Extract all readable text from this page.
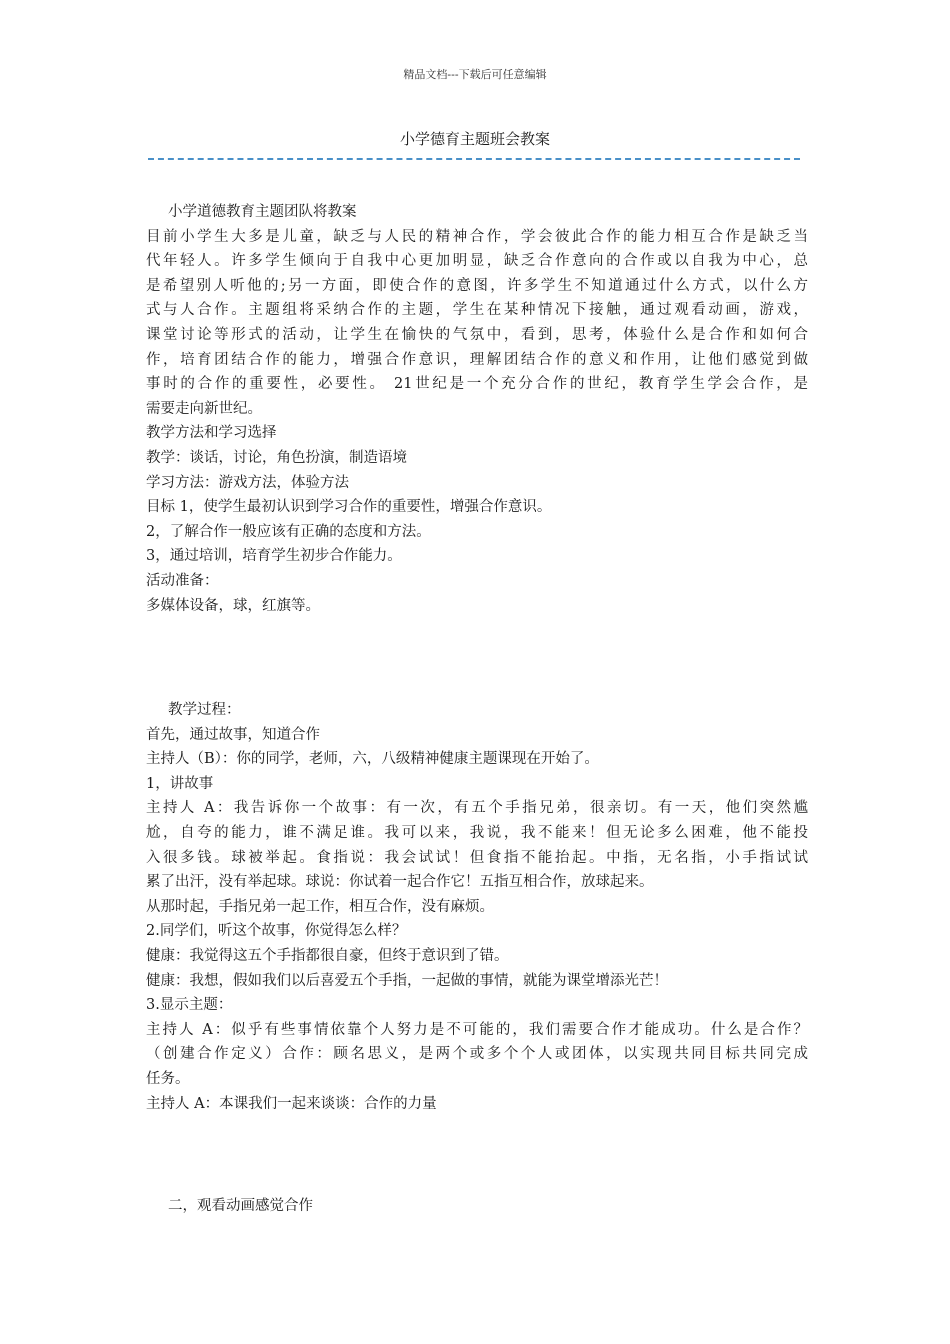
精品文档---下载后可任意编辑
小学德育主题班会教案
小学道德教育主题团队将教案
目前小学生大多是儿童，缺乏与人民的精神合作，学会彼此合作的能力相互合作是缺乏当
代年轻人。许多学生倾向于自我中心更加明显，缺乏合作意向的合作或以自我为中心，总
是希望别人听他的;另一方面，即使合作的意图，许多学生不知道通过什么方式，以什么方
式与人合作。主题组将采纳合作的主题，学生在某种情况下接触，通过观看动画，游戏，
课堂讨论等形式的活动，让学生在愉快的气氛中，看到，思考，体验什么是合作和如何合
作，培育团结合作的能力，增强合作意识，理解团结合作的意义和作用，让他们感觉到做
事时的合作的重要性，必要性。 21世纪是一个充分合作的世纪，教育学生学会合作，是
需要走向新世纪。
教学方法和学习选择
教学：谈话，讨论，角色扮演，制造语境
学习方法：游戏方法，体验方法
目标 1，使学生最初认识到学习合作的重要性，增强合作意识。
2，了解合作一般应该有正确的态度和方法。
3，通过培训，培育学生初步合作能力。
活动准备：
多媒体设备，球，红旗等。
教学过程：
首先，通过故事，知道合作
主持人（B）：你的同学，老师，六，八级精神健康主题课现在开始了。
1，讲故事
主持人 A：我告诉你一个故事：有一次，有五个手指兄弟，很亲切。有一天，他们突然尴
尬，自夸的能力，谁不满足谁。我可以来，我说，我不能来！但无论多么困难，他不能投
入很多钱。球被举起。食指说：我会试试！但食指不能抬起。中指，无名指，小手指试试
累了出汗，没有举起球。球说：你试着一起合作它！五指互相合作，放球起来。
从那时起，手指兄弟一起工作，相互合作，没有麻烦。
2.同学们，听这个故事，你觉得怎么样？
健康：我觉得这五个手指都很自豪，但终于意识到了错。
健康：我想，假如我们以后喜爱五个手指，一起做的事情，就能为课堂增添光芒！
3.显示主题：
主持人 A：似乎有些事情依靠个人努力是不可能的，我们需要合作才能成功。什么是合作？
（创建合作定义）合作：顾名思义，是两个或多个个人或团体，以实现共同目标共同完成
任务。
主持人 A：本课我们一起来谈谈：合作的力量
二，观看动画感觉合作
